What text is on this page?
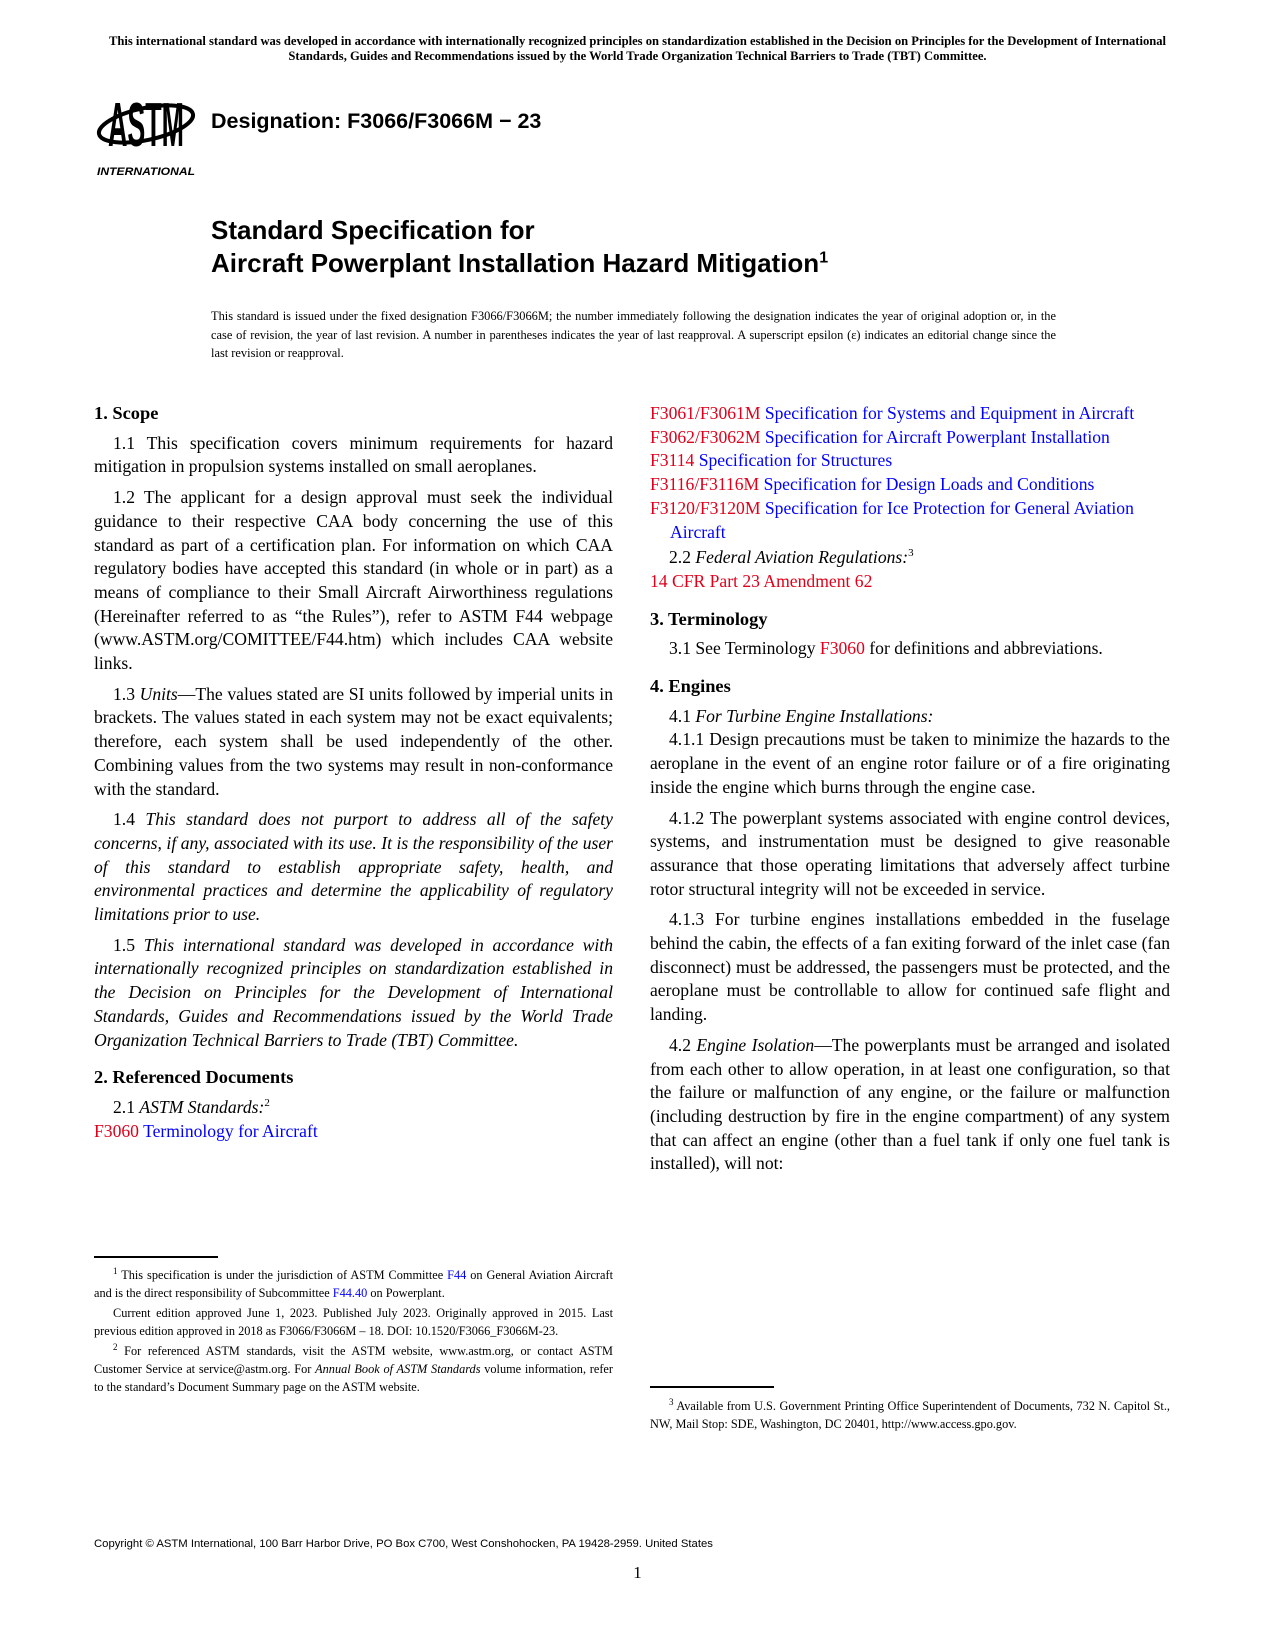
This international standard was developed in accordance with internationally recognized principles on standardization established in the Decision on Principles for the Development of International Standards, Guides and Recommendations issued by the World Trade Organization Technical Barriers to Trade (TBT) Committee.
ASTM
INTERNATIONAL
Designation: F3066/F3066M − 23
Standard Specification for
Aircraft Powerplant Installation Hazard Mitigation$^1$
This standard is issued under the fixed designation F3066/F3066M; the number immediately following the designation indicates the year of original adoption or, in the case of revision, the year of last revision. A number in parentheses indicates the year of last reapproval. A superscript epsilon (ε) indicates an editorial change since the last revision or reapproval.
1. Scope

1.1 This specification covers minimum requirements for hazard mitigation in propulsion systems installed on small aeroplanes.

1.2 The applicant for a design approval must seek the individual guidance to their respective CAA body concerning the use of this standard as part of a certification plan. For information on which CAA regulatory bodies have accepted this standard (in whole or in part) as a means of compliance to their Small Aircraft Airworthiness regulations (Hereinafter referred to as “the Rules”), refer to ASTM F44 webpage (www.ASTM.org/COMITTEE/F44.htm) which includes CAA website links.

1.3 Units—The values stated are SI units followed by imperial units in brackets. The values stated in each system may not be exact equivalents; therefore, each system shall be used independently of the other. Combining values from the two systems may result in non-conformance with the standard.

1.4 This standard does not purport to address all of the safety concerns, if any, associated with its use. It is the responsibility of the user of this standard to establish appropriate safety, health, and environmental practices and determine the applicability of regulatory limitations prior to use.

1.5 This international standard was developed in accordance with internationally recognized principles on standardization established in the Decision on Principles for the Development of International Standards, Guides and Recommendations issued by the World Trade Organization Technical Barriers to Trade (TBT) Committee.

2. Referenced Documents

2.1 ASTM Standards:$^2$

F3060 Terminology for Aircraft

F3061/F3061M Specification for Systems and Equipment in Aircraft

F3062/F3062M Specification for Aircraft Powerplant Installation

F3114 Specification for Structures

F3116/F3116M Specification for Design Loads and Conditions

F3120/F3120M Specification for Ice Protection for General Aviation Aircraft

2.2 Federal Aviation Regulations:$^3$

14 CFR Part 23 Amendment 62

3. Terminology

3.1 See Terminology F3060 for definitions and abbreviations.

4. Engines

4.1 For Turbine Engine Installations:

4.1.1 Design precautions must be taken to minimize the hazards to the aeroplane in the event of an engine rotor failure or of a fire originating inside the engine which burns through the engine case.

4.1.2 The powerplant systems associated with engine control devices, systems, and instrumentation must be designed to give reasonable assurance that those operating limitations that adversely affect turbine rotor structural integrity will not be exceeded in service.

4.1.3 For turbine engines installations embedded in the fuselage behind the cabin, the effects of a fan exiting forward of the inlet case (fan disconnect) must be addressed, the passengers must be protected, and the aeroplane must be controllable to allow for continued safe flight and landing.

4.2 Engine Isolation—The powerplants must be arranged and isolated from each other to allow operation, in at least one configuration, so that the failure or malfunction of any engine, or the failure or malfunction (including destruction by fire in the engine compartment) of any system that can affect an engine (other than a fuel tank if only one fuel tank is installed), will not:

$^1$ This specification is under the jurisdiction of ASTM Committee F44 on General Aviation Aircraft and is the direct responsibility of Subcommittee F44.40 on Powerplant.

Current edition approved June 1, 2023. Published July 2023. Originally approved in 2015. Last previous edition approved in 2018 as F3066/F3066M – 18. DOI: 10.1520/F3066_F3066M-23.

$^2$ For referenced ASTM standards, visit the ASTM website, www.astm.org, or contact ASTM Customer Service at service@astm.org. For Annual Book of ASTM Standards volume information, refer to the standard’s Document Summary page on the ASTM website.

$^3$ Available from U.S. Government Printing Office Superintendent of Documents, 732 N. Capitol St., NW, Mail Stop: SDE, Washington, DC 20401, http://www.access.gpo.gov.

Copyright © ASTM International, 100 Barr Harbor Drive, PO Box C700, West Conshohocken, PA 19428-2959. United States
1
